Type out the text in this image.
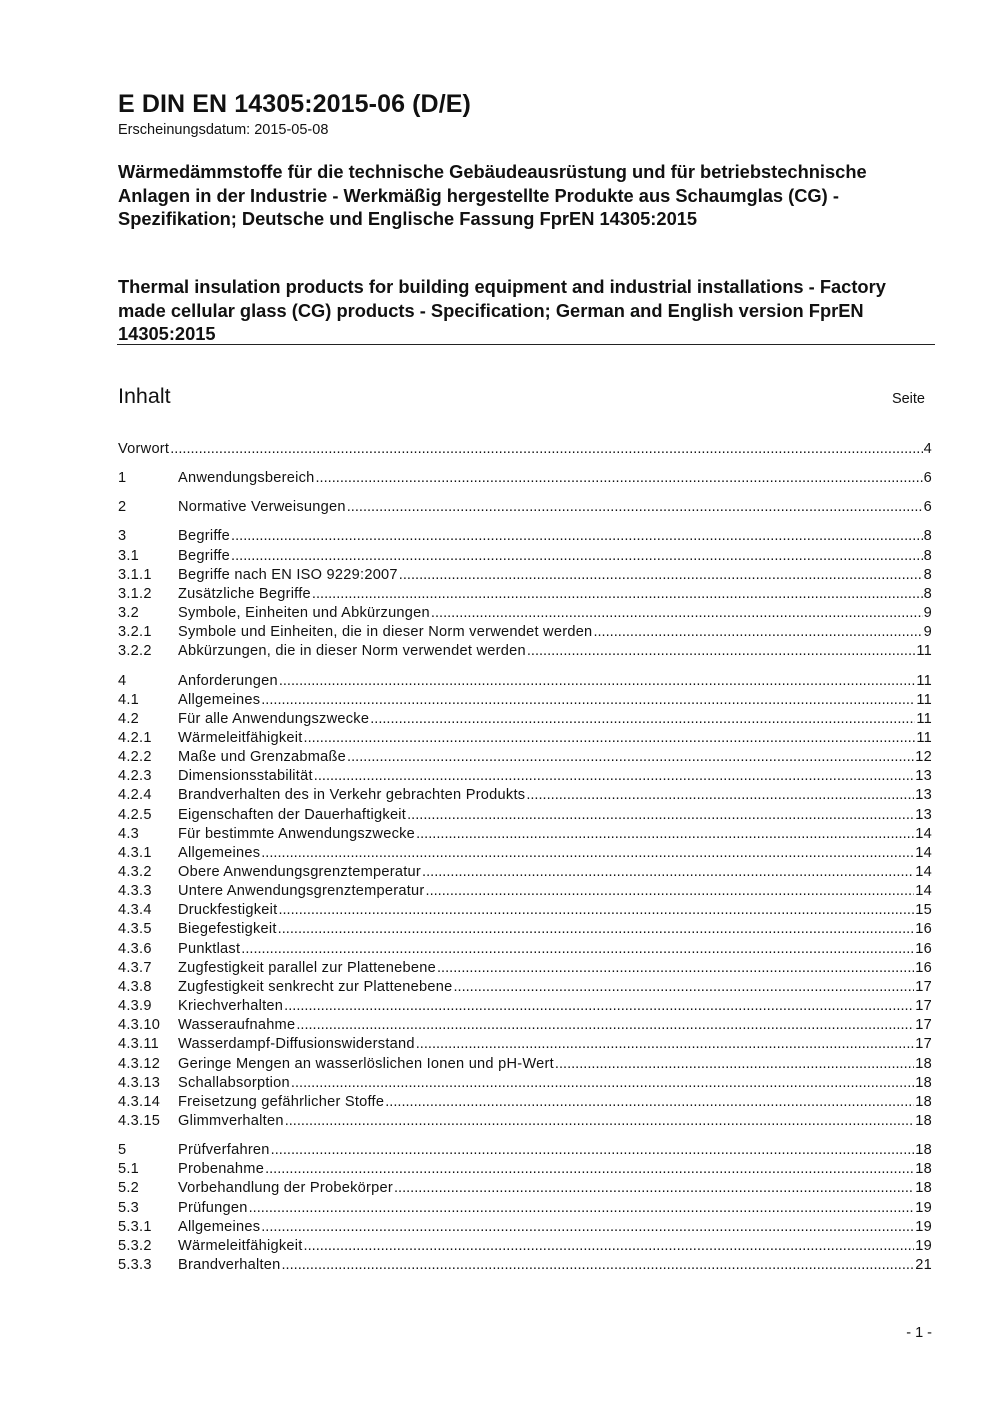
E DIN EN 14305:2015-06 (D/E)
Erscheinungsdatum: 2015-05-08
Wärmedämmstoffe für die technische Gebäudeausrüstung und für betriebstechnische Anlagen in der Industrie - Werkmäßig hergestellte Produkte aus Schaumglas (CG) - Spezifikation; Deutsche und Englische Fassung FprEN 14305:2015
Thermal insulation products for building equipment and industrial installations - Factory made cellular glass (CG) products - Specification; German and English version FprEN 14305:2015
Inhalt	Seite
Vorwort .....	4
1	Anwendungsbereich .....	6
2	Normative Verweisungen .....	6
3	Begriffe .....	8
3.1	Begriffe .....	8
3.1.1	Begriffe nach EN ISO 9229:2007 .....	8
3.1.2	Zusätzliche Begriffe .....	8
3.2	Symbole, Einheiten und Abkürzungen .....	9
3.2.1	Symbole und Einheiten, die in dieser Norm verwendet werden .....	9
3.2.2	Abkürzungen, die in dieser Norm verwendet werden .....	11
4	Anforderungen .....	11
4.1	Allgemeines .....	11
4.2	Für alle Anwendungszwecke .....	11
4.2.1	Wärmeleitfähigkeit .....	11
4.2.2	Maße und Grenzabmaße .....	12
4.2.3	Dimensionsstabilität .....	13
4.2.4	Brandverhalten des in Verkehr gebrachten Produkts .....	13
4.2.5	Eigenschaften der Dauerhaftigkeit .....	13
4.3	Für bestimmte Anwendungszwecke .....	14
4.3.1	Allgemeines .....	14
4.3.2	Obere Anwendungsgrenztemperatur .....	14
4.3.3	Untere Anwendungsgrenztemperatur .....	14
4.3.4	Druckfestigkeit .....	15
4.3.5	Biegefestigkeit .....	16
4.3.6	Punktlast .....	16
4.3.7	Zugfestigkeit parallel zur Plattenebene .....	16
4.3.8	Zugfestigkeit senkrecht zur Plattenebene .....	17
4.3.9	Kriechverhalten .....	17
4.3.10	Wasseraufnahme .....	17
4.3.11	Wasserdampf-Diffusionswiderstand .....	17
4.3.12	Geringe Mengen an wasserlöslichen Ionen und pH-Wert .....	18
4.3.13	Schallabsorption .....	18
4.3.14	Freisetzung gefährlicher Stoffe .....	18
4.3.15	Glimmverhalten .....	18
5	Prüfverfahren .....	18
5.1	Probenahme .....	18
5.2	Vorbehandlung der Probekörper .....	18
5.3	Prüfungen .....	19
5.3.1	Allgemeines .....	19
5.3.2	Wärmeleitfähigkeit .....	19
5.3.3	Brandverhalten .....	21
- 1 -
